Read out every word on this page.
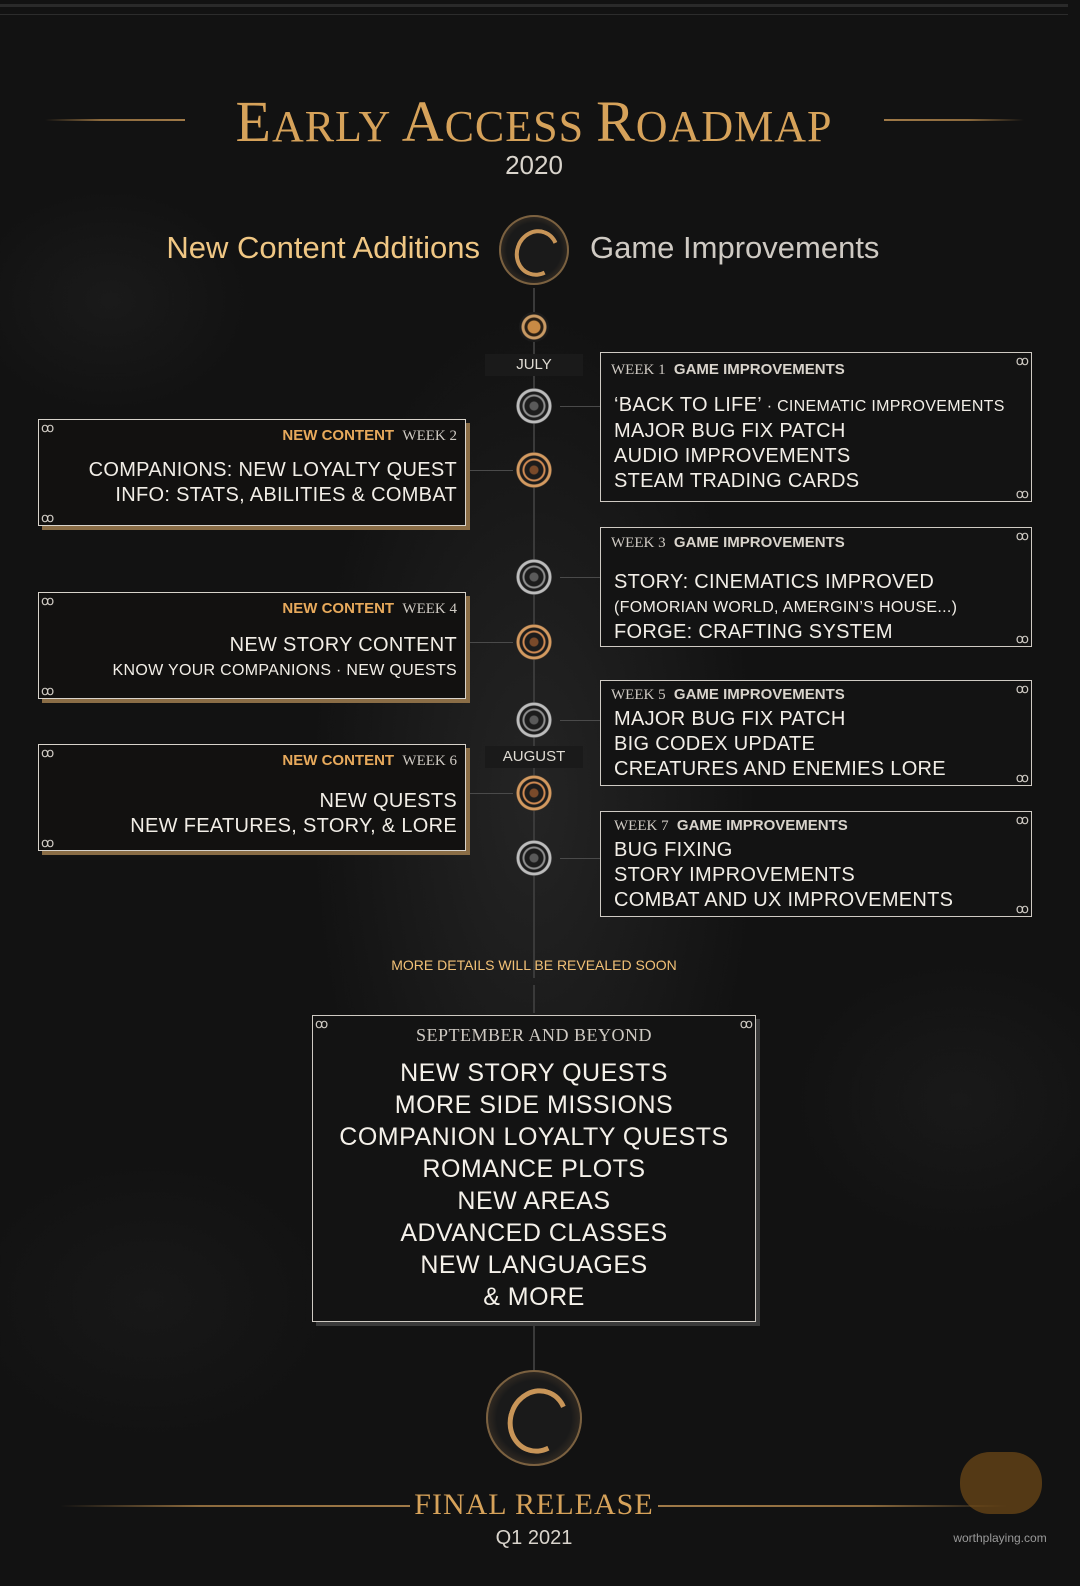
EARLY ACCESS ROADMAP
2020
New Content Additions	Game Improvements
JULY
AUGUST
ꝏ
ꝏ
NEW CONTENT WEEK 2
COMPANIONS: NEW LOYALTY QUEST
INFO: STATS, ABILITIES & COMBAT
ꝏ
ꝏ
NEW CONTENT WEEK 4
NEW STORY CONTENT
KNOW YOUR COMPANIONS · NEW QUESTS
ꝏ
ꝏ
NEW CONTENT WEEK 6
NEW QUESTS
NEW FEATURES, STORY, & LORE
ꝏ
ꝏ
WEEK 1 GAME IMPROVEMENTS
‘BACK TO LIFE’ · CINEMATIC IMPROVEMENTS
MAJOR BUG FIX PATCH
AUDIO IMPROVEMENTS
STEAM TRADING CARDS
ꝏ
ꝏ
WEEK 3 GAME IMPROVEMENTS
STORY: CINEMATICS IMPROVED
(FOMORIAN WORLD, AMERGIN’S HOUSE...)
FORGE: CRAFTING SYSTEM
ꝏ
ꝏ
WEEK 5 GAME IMPROVEMENTS
MAJOR BUG FIX PATCH
BIG CODEX UPDATE
CREATURES AND ENEMIES LORE
ꝏ
ꝏ
WEEK 7 GAME IMPROVEMENTS
BUG FIXING
STORY IMPROVEMENTS
COMBAT AND UX IMPROVEMENTS
MORE DETAILS WILL BE REVEALED SOON
ꝏ	ꝏ
SEPTEMBER AND BEYOND
NEW STORY QUESTS
MORE SIDE MISSIONS
COMPANION LOYALTY QUESTS
ROMANCE PLOTS
NEW AREAS
ADVANCED CLASSES
NEW LANGUAGES
& MORE
FINAL RELEASE
Q1 2021	worthplaying.com
